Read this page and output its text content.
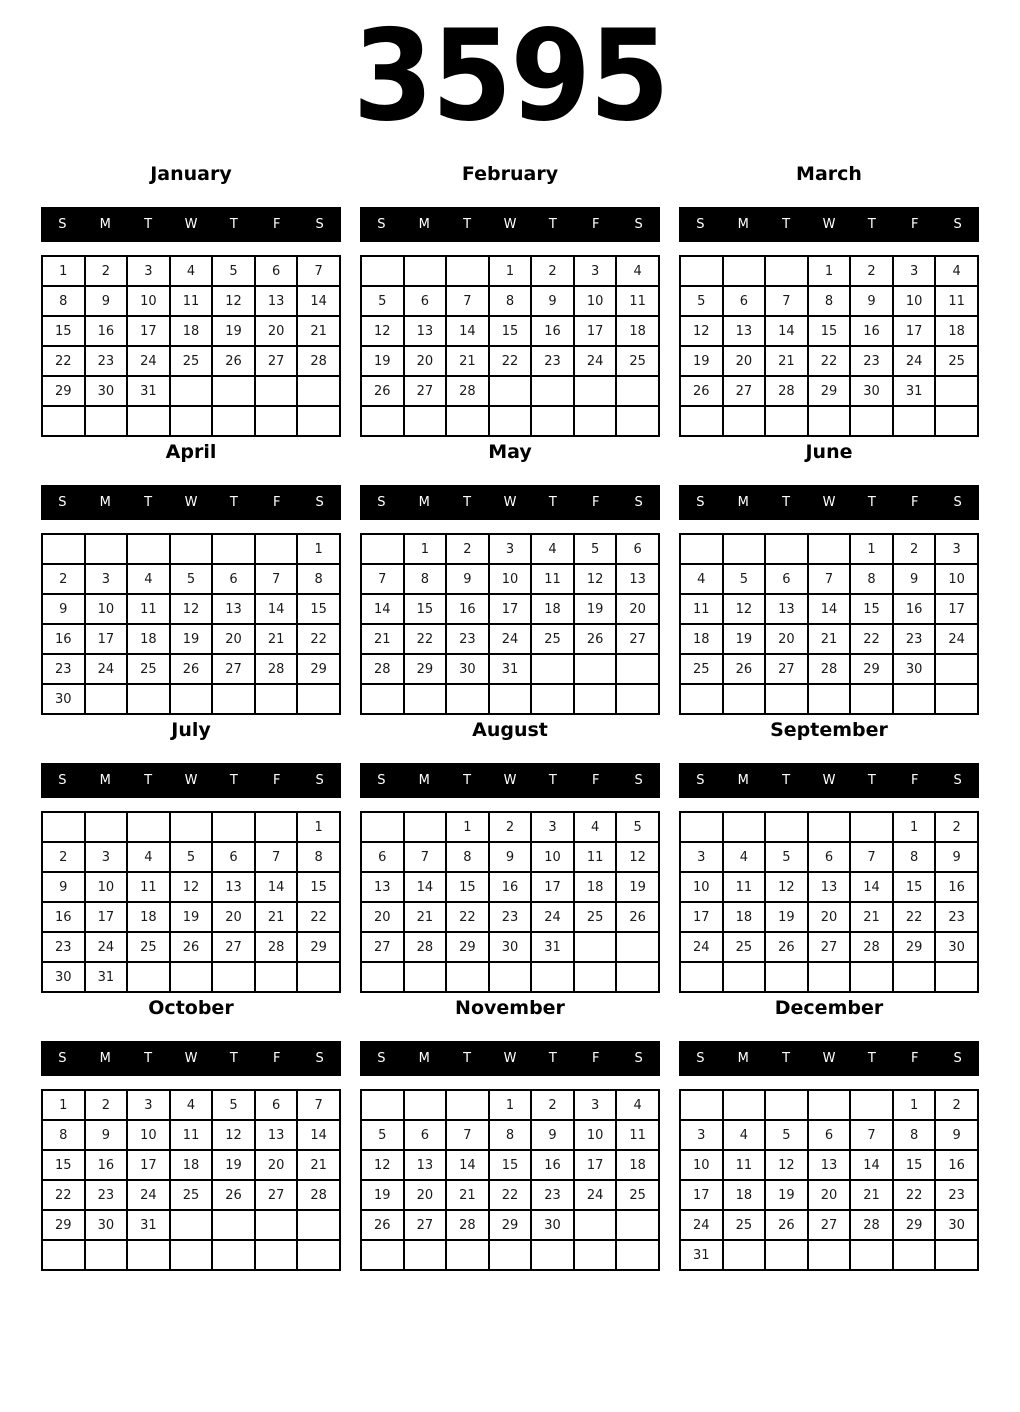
3595
January
S	M	T	W	T	F	S
1	2	3	4	5	6	7
8	9	10	11	12	13	14
15	16	17	18	19	20	21
22	23	24	25	26	27	28
29	30	31				

February
S	M	T	W	T	F	S
			1	2	3	4
5	6	7	8	9	10	11
12	13	14	15	16	17	18
19	20	21	22	23	24	25
26	27	28				

March
S	M	T	W	T	F	S
			1	2	3	4
5	6	7	8	9	10	11
12	13	14	15	16	17	18
19	20	21	22	23	24	25
26	27	28	29	30	31	

April
S	M	T	W	T	F	S
						1
2	3	4	5	6	7	8
9	10	11	12	13	14	15
16	17	18	19	20	21	22
23	24	25	26	27	28	29
30						
May
S	M	T	W	T	F	S
	1	2	3	4	5	6
7	8	9	10	11	12	13
14	15	16	17	18	19	20
21	22	23	24	25	26	27
28	29	30	31			

June
S	M	T	W	T	F	S
				1	2	3
4	5	6	7	8	9	10
11	12	13	14	15	16	17
18	19	20	21	22	23	24
25	26	27	28	29	30	

July
S	M	T	W	T	F	S
						1
2	3	4	5	6	7	8
9	10	11	12	13	14	15
16	17	18	19	20	21	22
23	24	25	26	27	28	29
30	31					
August
S	M	T	W	T	F	S
		1	2	3	4	5
6	7	8	9	10	11	12
13	14	15	16	17	18	19
20	21	22	23	24	25	26
27	28	29	30	31		

September
S	M	T	W	T	F	S
					1	2
3	4	5	6	7	8	9
10	11	12	13	14	15	16
17	18	19	20	21	22	23
24	25	26	27	28	29	30

October
S	M	T	W	T	F	S
1	2	3	4	5	6	7
8	9	10	11	12	13	14
15	16	17	18	19	20	21
22	23	24	25	26	27	28
29	30	31				

November
S	M	T	W	T	F	S
			1	2	3	4
5	6	7	8	9	10	11
12	13	14	15	16	17	18
19	20	21	22	23	24	25
26	27	28	29	30		

December
S	M	T	W	T	F	S
					1	2
3	4	5	6	7	8	9
10	11	12	13	14	15	16
17	18	19	20	21	22	23
24	25	26	27	28	29	30
31						
